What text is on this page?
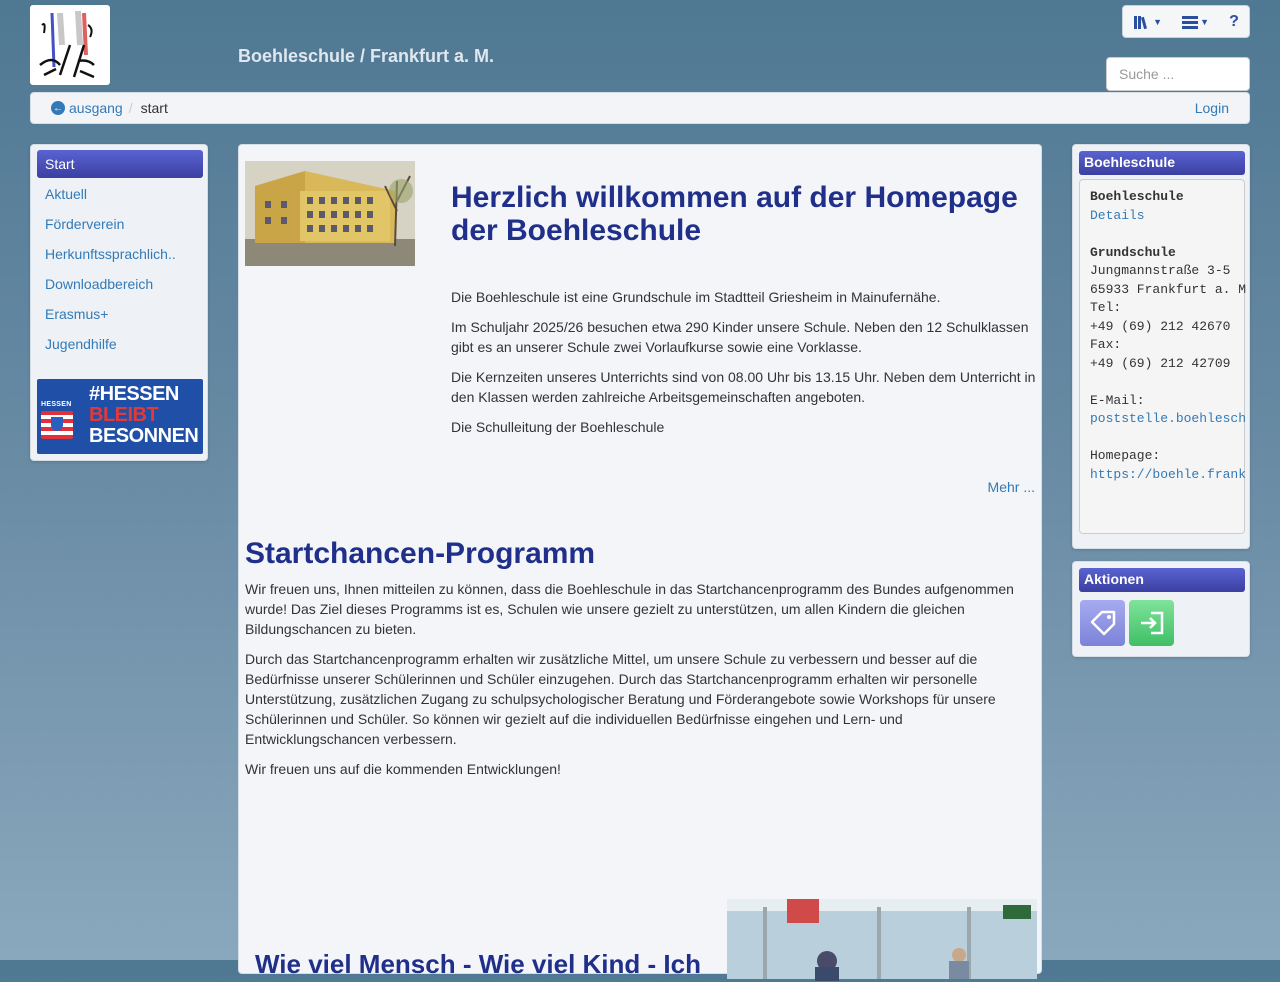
Boehleschule / Frankfurt a. M.
▼	▼ ?
Suche ...
← ausgang / start	Login
Start
Aktuell
Förderverein
Herkunftssprachlich..
Downloadbereich
Erasmus+
Jugendhilfe
HESSEN #HESSEN
BLEIBT
BESONNEN
Herzlich willkommen auf der Homepage der Boehleschule

Die Boehleschule ist eine Grundschule im Stadtteil Griesheim in Mainufernähe.

Im Schuljahr 2025/26 besuchen etwa 290 Kinder unsere Schule. Neben den 12 Schulklassen gibt es an unserer Schule zwei Vorlaufkurse sowie eine Vorklasse.

Die Kernzeiten unseres Unterrichts sind von 08.00 Uhr bis 13.15 Uhr. Neben dem Unterricht in den Klassen werden zahlreiche Arbeitsgemeinschaften angeboten.

Die Schulleitung der Boehleschule

Mehr ...
Startchancen-Programm

Wir freuen uns, Ihnen mitteilen zu können, dass die Boehleschule in das Startchancenprogramm des Bundes aufgenommen wurde! Das Ziel dieses Programms ist es, Schulen wie unsere gezielt zu unterstützen, um allen Kindern die gleichen Bildungschancen zu bieten.

Durch das Startchancenprogramm erhalten wir zusätzliche Mittel, um unsere Schule zu verbessern und besser auf die Bedürfnisse unserer Schülerinnen und Schüler einzugehen. Durch das Startchancenprogramm erhalten wir personelle Unterstützung, zusätzlichen Zugang zu schulpsychologischer Beratung und Förderangebote sowie Workshops für unsere Schülerinnen und Schüler. So können wir gezielt auf die individuellen Bedürfnisse eingehen und Lern- und Entwicklungschancen verbessern.

Wir freuen uns auf die kommenden Entwicklungen!

Wie viel Mensch - Wie viel Kind - Ich
Boehleschule
Boehleschule
Details

Grundschule
Jungmannstraße 3-5
65933 Frankfurt a. M
Tel:
+49 (69) 212 42670
Fax:
+49 (69) 212 42709

E-Mail:
poststelle.boehlesch

Homepage:
https://boehle.frank
Aktionen
